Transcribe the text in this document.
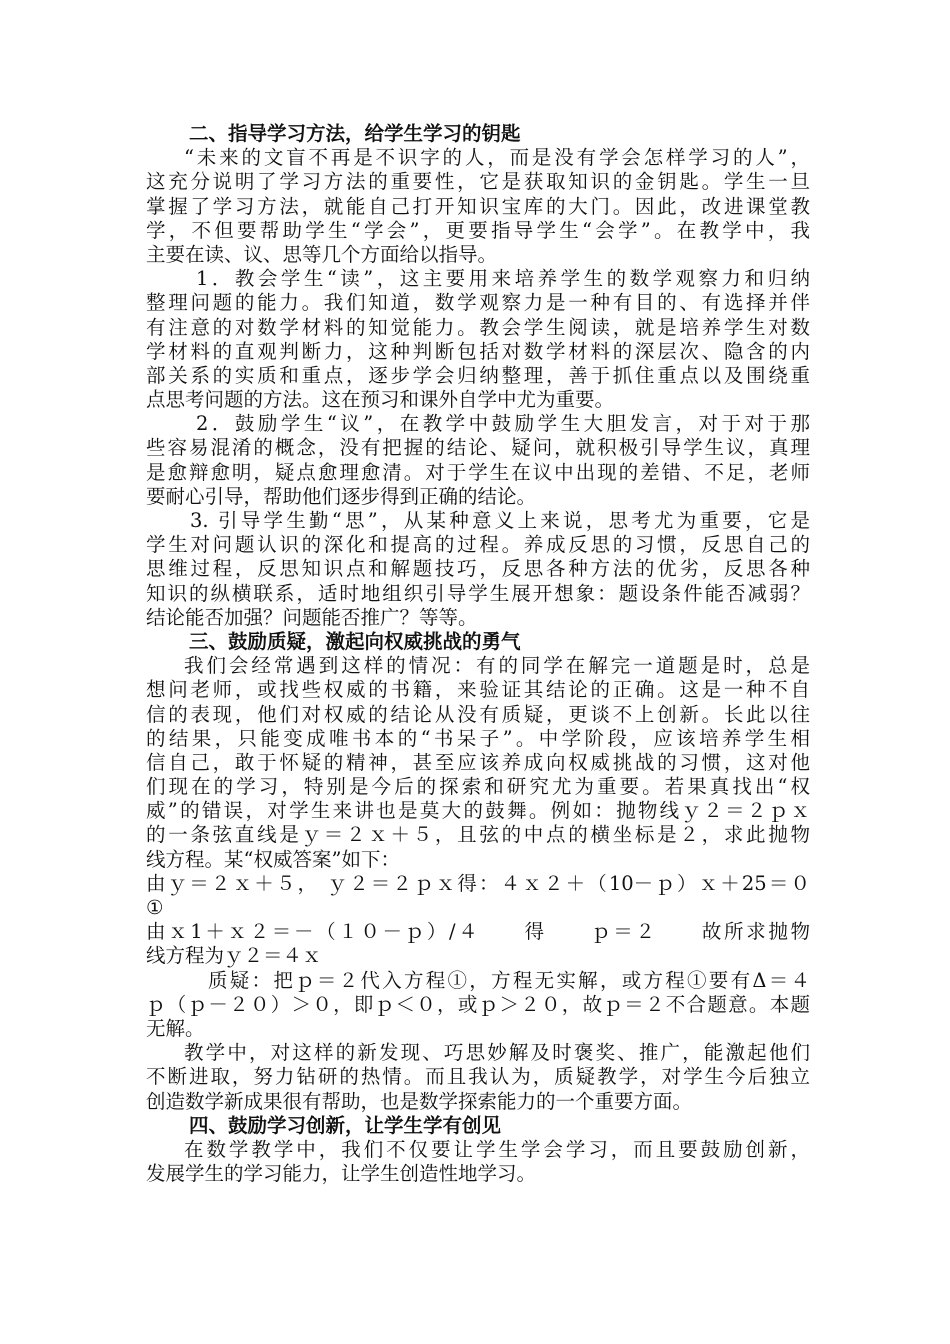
二、指导学习方法，给学生学习的钥匙
“未来的文盲不再是不识字的人，而是没有学会怎样学习的人”，
这充分说明了学习方法的重要性，它是获取知识的金钥匙。学生一旦
掌握了学习方法，就能自己打开知识宝库的大门。因此，改进课堂教
学，不但要帮助学生“学会”，更要指导学生“会学”。在教学中，我
主要在读、议、思等几个方面给以指导。
1．教会学生“读”，这主要用来培养学生的数学观察力和归纳
整理问题的能力。我们知道，数学观察力是一种有目的、有选择并伴
有注意的对数学材料的知觉能力。教会学生阅读，就是培养学生对数
学材料的直观判断力，这种判断包括对数学材料的深层次、隐含的内
部关系的实质和重点，逐步学会归纳整理，善于抓住重点以及围绕重
点思考问题的方法。这在预习和课外自学中尤为重要。
2．鼓励学生“议”，在教学中鼓励学生大胆发言，对于对于那
些容易混淆的概念，没有把握的结论、疑问，就积极引导学生议，真理
是愈辩愈明，疑点愈理愈清。对于学生在议中出现的差错、不足，老师
要耐心引导，帮助他们逐步得到正确的结论。
3. 引导学生勤“思”，从某种意义上来说，思考尤为重要，它是
学生对问题认识的深化和提高的过程。养成反思的习惯，反思自己的
思维过程，反思知识点和解题技巧，反思各种方法的优劣，反思各种
知识的纵横联系，适时地组织引导学生展开想象：题设条件能否减弱？
结论能否加强？问题能否推广？等等。
三、鼓励质疑，激起向权威挑战的勇气
我们会经常遇到这样的情况：有的同学在解完一道题是时，总是
想问老师，或找些权威的书籍，来验证其结论的正确。这是一种不自
信的表现，他们对权威的结论从没有质疑，更谈不上创新。长此以往
的结果，只能变成唯书本的“书呆子”。中学阶段，应该培养学生相
信自己，敢于怀疑的精神，甚至应该养成向权威挑战的习惯，这对他
们现在的学习，特别是今后的探索和研究尤为重要。若果真找出“权
威”的错误，对学生来讲也是莫大的鼓舞。例如：抛物线ｙ２＝２ｐｘ
的一条弦直线是ｙ＝２ｘ＋５，且弦的中点的横坐标是２，求此抛物
线方程。某“权威答案”如下：
由ｙ＝２ｘ＋５， ｙ２＝２ｐｘ得：４ｘ２＋（10－ｐ）ｘ＋25＝０
①
由ｘ1＋ｘ２＝－（１０－ｐ）/４　　得　　ｐ＝２　　故所求抛物
线方程为ｙ２＝４ｘ
质疑：把ｐ＝２代入方程①，方程无实解，或方程①要有Δ＝４
ｐ（ｐ－２０）＞０，即ｐ＜０，或ｐ＞２０，故ｐ＝２不合题意。本题
无解。
教学中，对这样的新发现、巧思妙解及时褒奖、推广，能激起他们
不断进取，努力钻研的热情。而且我认为，质疑教学，对学生今后独立
创造数学新成果很有帮助，也是数学探索能力的一个重要方面。
四、鼓励学习创新，让学生学有创见
在数学教学中，我们不仅要让学生学会学习，而且要鼓励创新，
发展学生的学习能力，让学生创造性地学习。
